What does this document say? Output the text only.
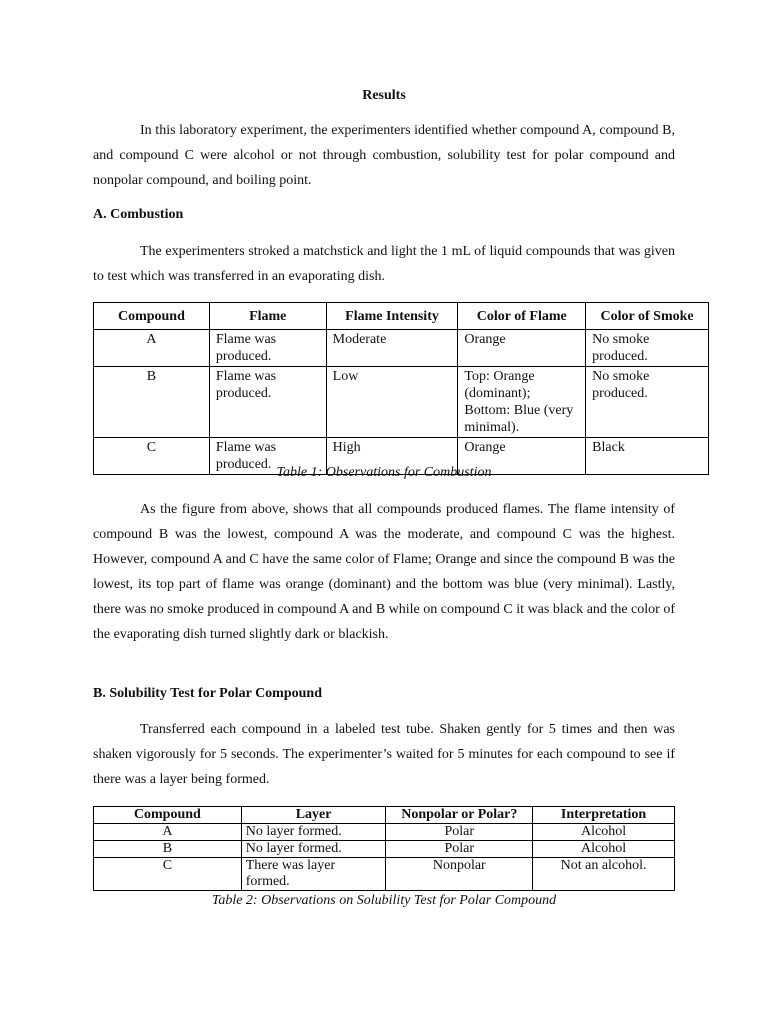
Results

In this laboratory experiment, the experimenters identified whether compound A, compound B, and compound C were alcohol or not through combustion, solubility test for polar compound and nonpolar compound, and boiling point.

A. Combustion

The experimenters stroked a matchstick and light the 1 mL of liquid compounds that was given to test which was transferred in an evaporating dish.

Compound	Flame	Flame Intensity	Color of Flame	Color of Smoke
A	Flame was produced.	Moderate	Orange	No smoke produced.
B	Flame was produced.	Low	Top: Orange (dominant); Bottom: Blue (very minimal).	No smoke produced.
C	Flame was produced.	High	Orange	Black
Table 1: Observations for Combustion

As the figure from above, shows that all compounds produced flames. The flame intensity of compound B was the lowest, compound A was the moderate, and compound C was the highest. However, compound A and C have the same color of Flame; Orange and since the compound B was the lowest, its top part of flame was orange (dominant) and the bottom was blue (very minimal). Lastly, there was no smoke produced in compound A and B while on compound C it was black and the color of the evaporating dish turned slightly dark or blackish.

B. Solubility Test for Polar Compound

Transferred each compound in a labeled test tube. Shaken gently for 5 times and then was shaken vigorously for 5 seconds. The experimenter’s waited for 5 minutes for each compound to see if there was a layer being formed.

Compound	Layer	Nonpolar or Polar?	Interpretation
A	No layer formed.	Polar	Alcohol
B	No layer formed.	Polar	Alcohol
C	There was layer formed.	Nonpolar	Not an alcohol.
Table 2: Observations on Solubility Test for Polar Compound
